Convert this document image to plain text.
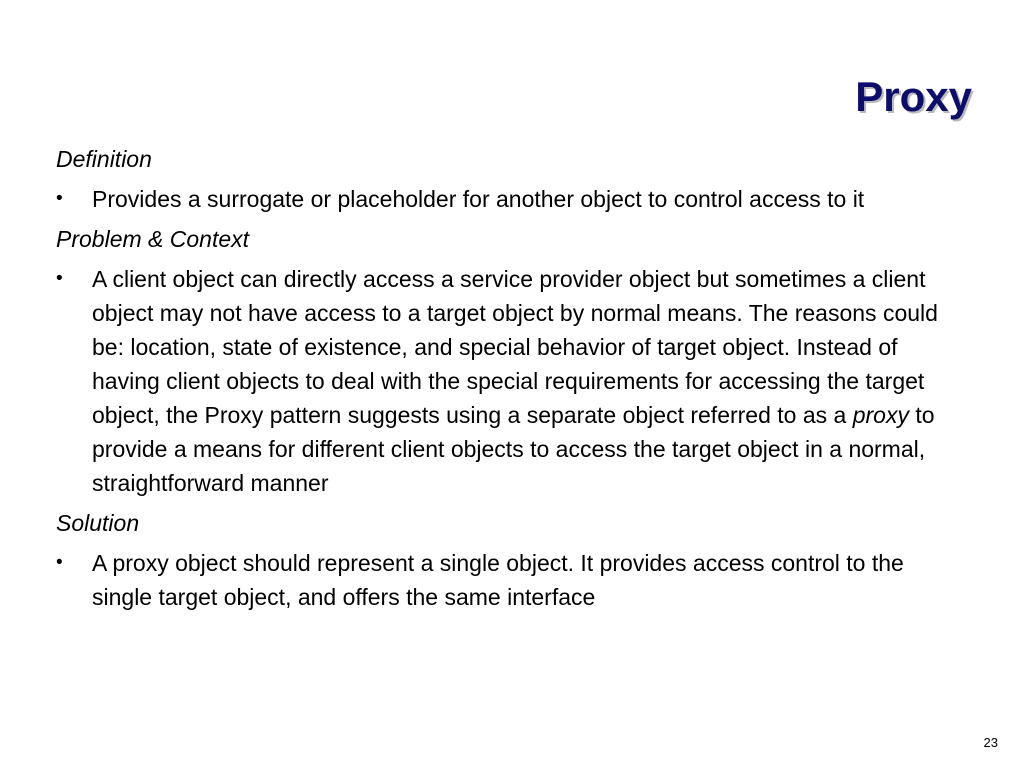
Proxy
Definition
•	Provides a surrogate or placeholder for another object to control access to it
Problem & Context
•	A client object can directly access a service provider object but sometimes a client object may not have access to a target object by normal means. The reasons could be: location, state of existence, and special behavior of target object. Instead of having client objects to deal with the special requirements for accessing the target object, the Proxy pattern suggests using a separate object referred to as a proxy to provide a means for different client objects to access the target object in a normal, straightforward manner
Solution
•	A proxy object should represent a single object. It provides access control to the single target object, and offers the same interface
23
